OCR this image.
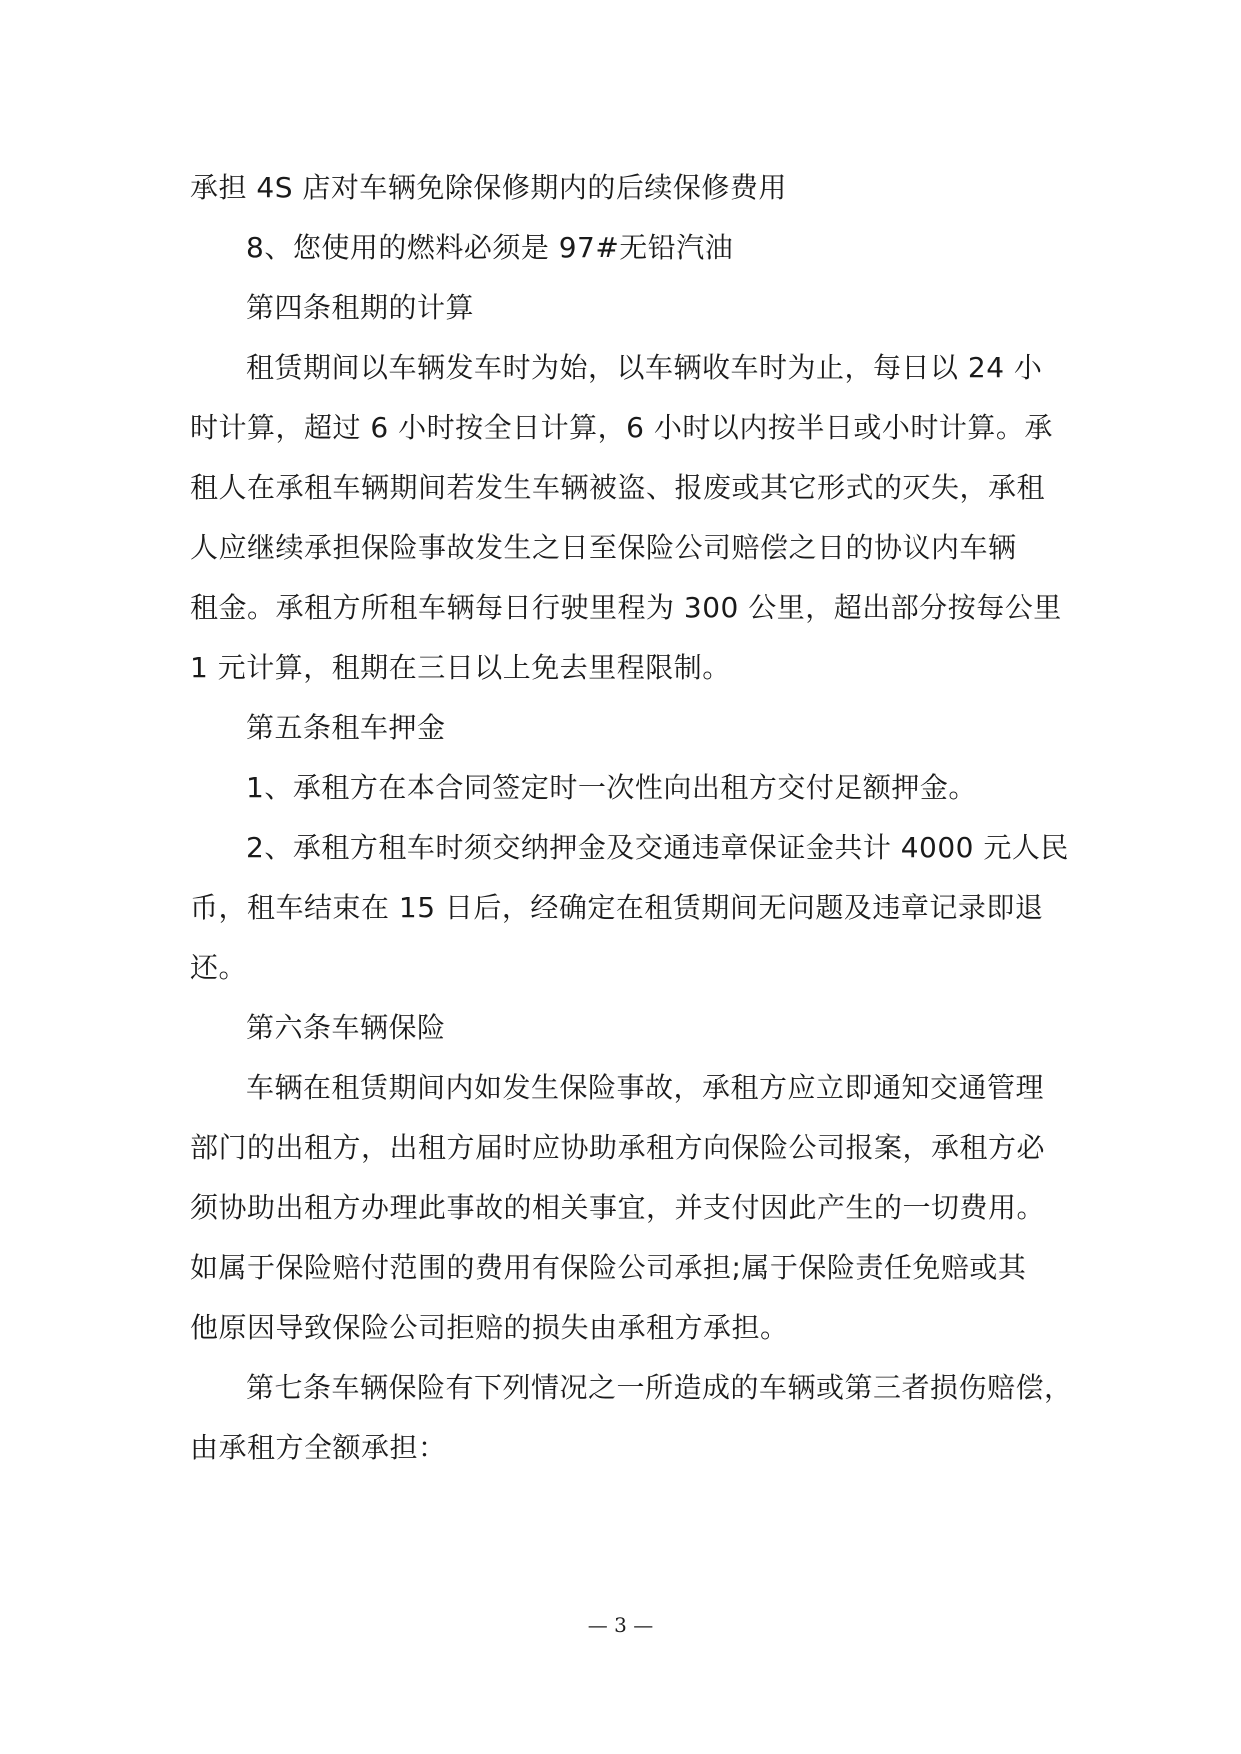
承担 4S 店对车辆免除保修期内的后续保修费用

8、您使用的燃料必须是 97#无铅汽油

第四条租期的计算

租赁期间以车辆发车时为始，以车辆收车时为止，每日以 24 小

时计算，超过 6 小时按全日计算，6 小时以内按半日或小时计算。承

租人在承租车辆期间若发生车辆被盗、报废或其它形式的灭失，承租

人应继续承担保险事故发生之日至保险公司赔偿之日的协议内车辆

租金。承租方所租车辆每日行驶里程为 300 公里，超出部分按每公里

1 元计算，租期在三日以上免去里程限制。

第五条租车押金

1、承租方在本合同签定时一次性向出租方交付足额押金。

2、承租方租车时须交纳押金及交通违章保证金共计 4000 元人民

币，租车结束在 15 日后，经确定在租赁期间无问题及违章记录即退

还。

第六条车辆保险

车辆在租赁期间内如发生保险事故，承租方应立即通知交通管理

部门的出租方，出租方届时应协助承租方向保险公司报案，承租方必

须协助出租方办理此事故的相关事宜，并支付因此产生的一切费用。

如属于保险赔付范围的费用有保险公司承担;属于保险责任免赔或其

他原因导致保险公司拒赔的损失由承租方承担。

第七条车辆保险有下列情况之一所造成的车辆或第三者损伤赔偿，

由承租方全额承担：

— 3 —
